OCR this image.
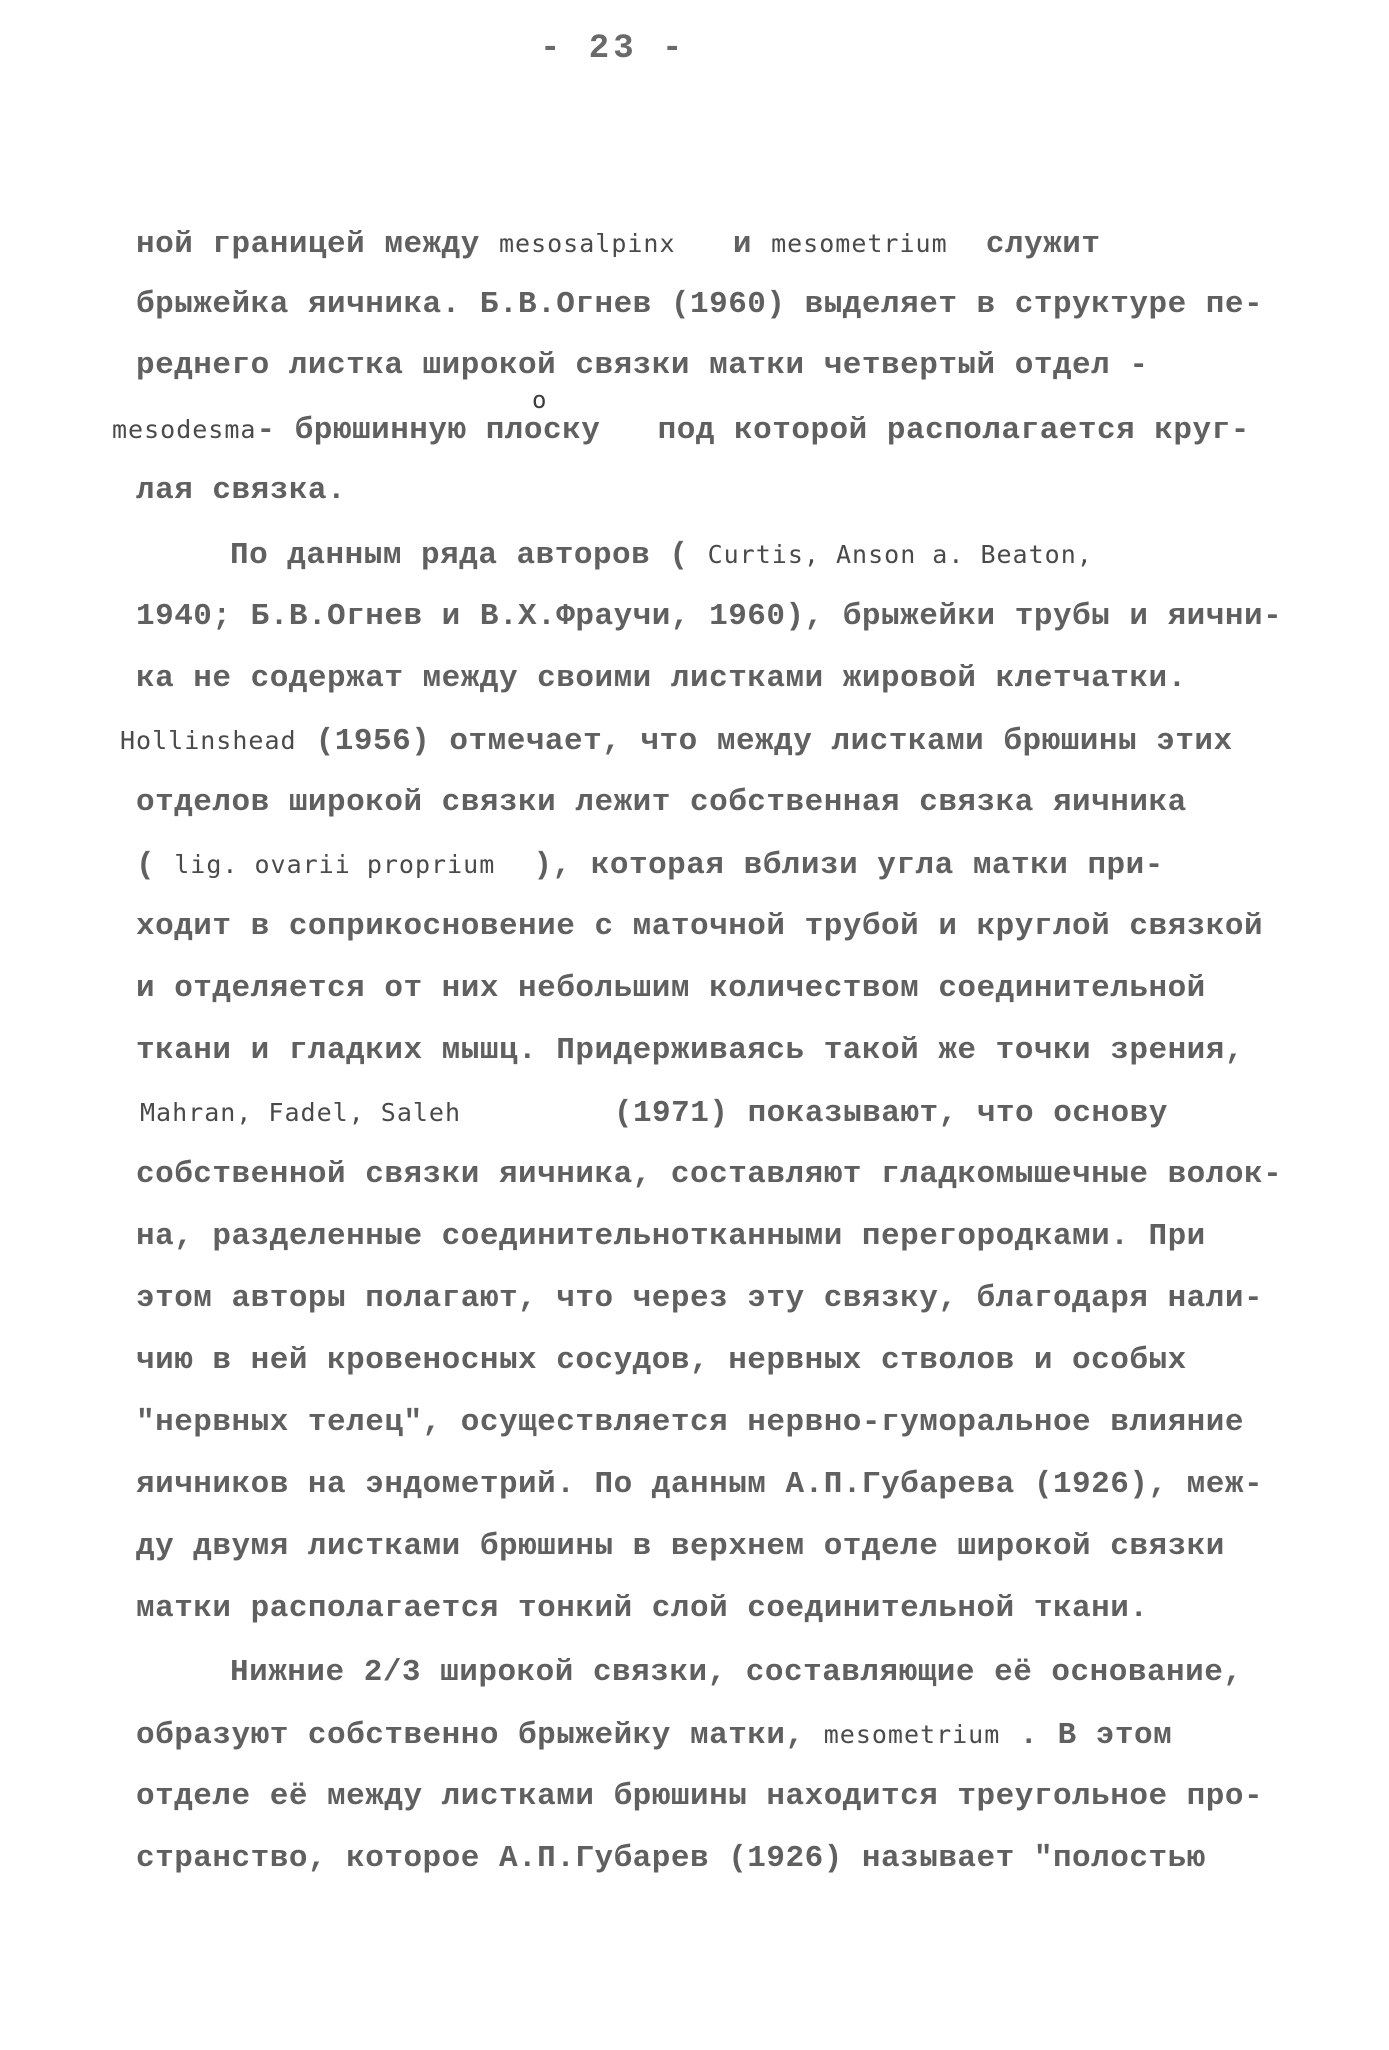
- 23 -
ной границей между mesosalpinx   и mesometrium  служит
брыжейка яичника. Б.В.Огнев (1960) выделяет в структуре пе-
реднего листка широкой связки матки четвертый отдел -
o
mesodesma- брюшинную плоску   под которой располагается круг-
лая связка.
По данным ряда авторов ( Curtis, Anson a. Beaton,
1940; Б.В.Огнев и В.Х.Фраучи, 1960), брыжейки трубы и яични-
ка не содержат между своими листками жировой клетчатки.
Hollinshead (1956) отмечает, что между листками брюшины этих
отделов широкой связки лежит собственная связка яичника
( lig. ovarii proprium  ), которая вблизи угла матки при-
ходит в соприкосновение с маточной трубой и круглой связкой
и отделяется от них небольшим количеством соединительной
ткани и гладких мышц. Придерживаясь такой же точки зрения,
Mahran, Fadel, Saleh        (1971) показывают, что основу
собственной связки яичника, составляют гладкомышечные волок-
на, разделенные соединительнотканными перегородками. При
этом авторы полагают, что через эту связку, благодаря нали-
чию в ней кровеносных сосудов, нервных стволов и особых
"нервных телец", осуществляется нервно-гуморальное влияние
яичников на эндометрий. По данным А.П.Губарева (1926), меж-
ду двумя листками брюшины в верхнем отделе широкой связки
матки располагается тонкий слой соединительной ткани.
Нижние 2/3 широкой связки, составляющие её основание,
образуют собственно брыжейку матки, mesometrium . В этом
отделе её между листками брюшины находится треугольное про-
странство, которое А.П.Губарев (1926) называет "полостью
